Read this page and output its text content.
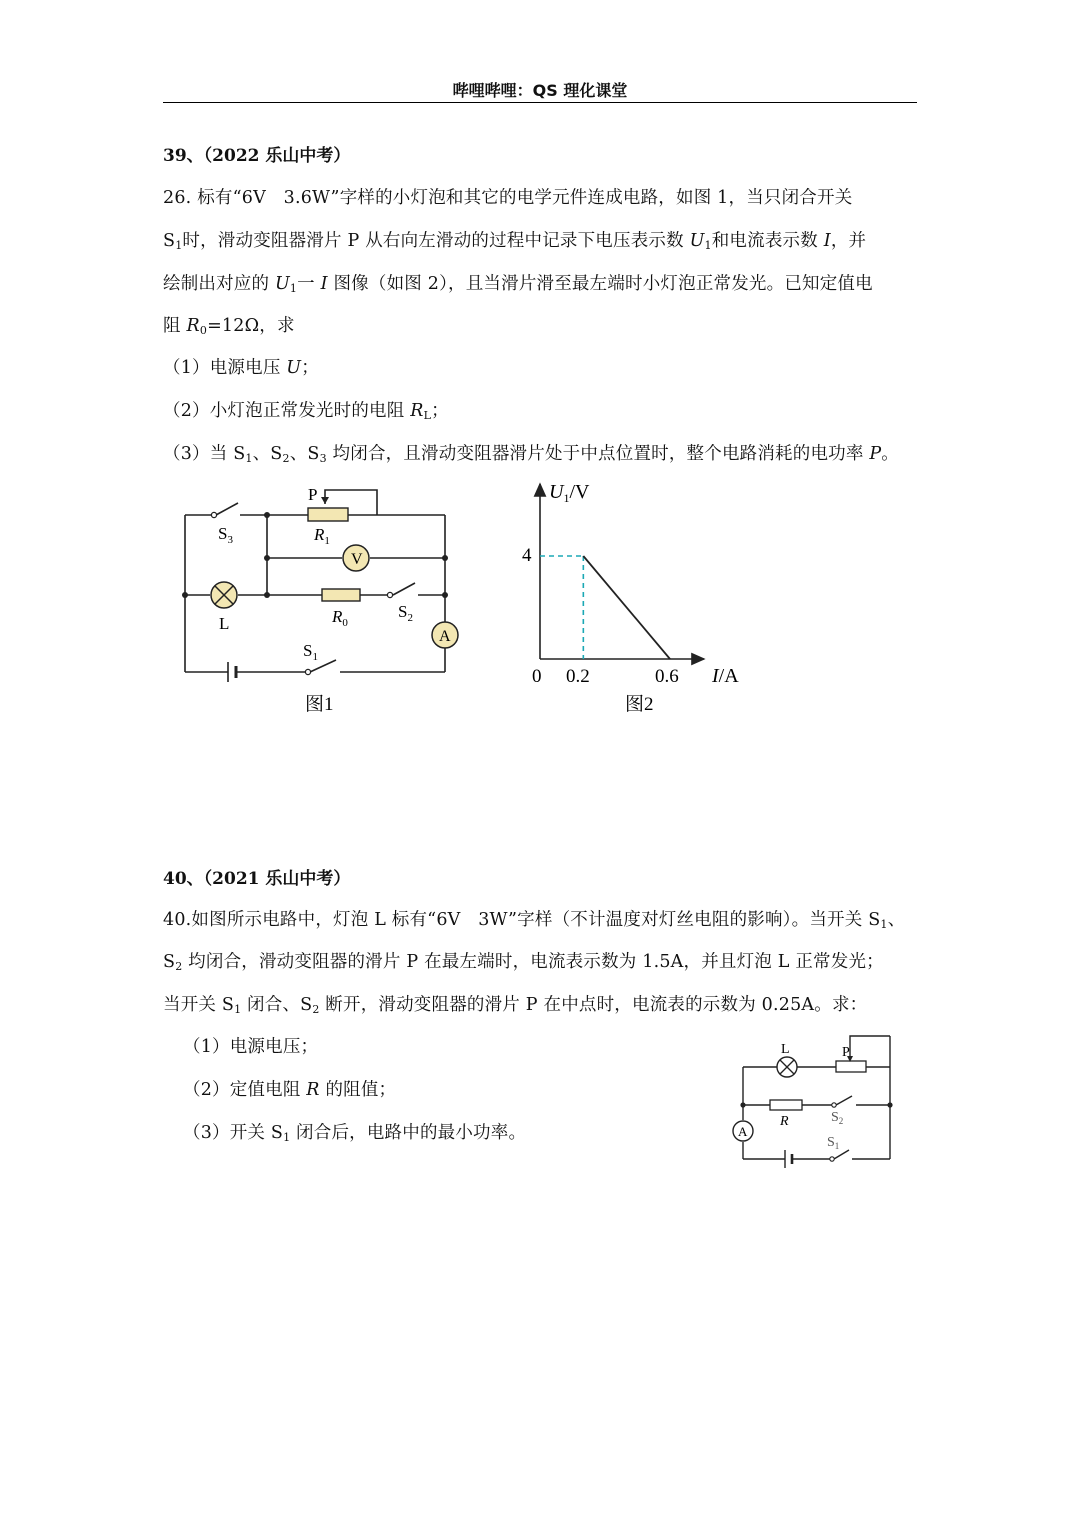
哔哩哔哩：QS 理化课堂
39、（2022 乐山中考）
26. 标有“6V　3.6W”字样的小灯泡和其它的电学元件连成电路，如图 1，当只闭合开关
$S_1$时，滑动变阻器滑片 P 从右向左滑动的过程中记录下电压表示数 $U_1$和电流表示数 I，并
绘制出对应的 $U_1$一 I 图像（如图 2），且当滑片滑至最左端时小灯泡正常发光。已知定值电
阻 $R_0=12\Omega$，求
（1）电源电压 U；
（2）小灯泡正常发光时的电阻 $R_L$；
（3）当 $S_1$、$S_2$、$S_3$ 均闭合，且滑动变阻器滑片处于中点位置时，整个电路消耗的电功率 P。
P
$R_1$
V
L	$R_0$
$S_2$
A
$S_3$
$S_1$
图1
$U_1/V$
I/A
4
0 0.2	0.6
图2
40、（2021 乐山中考）
40.如图所示电路中，灯泡 L 标有“6V　3W”字样（不计温度对灯丝电阻的影响）。当开关 $S_1$、
$S_2$ 均闭合，滑动变阻器的滑片 P 在最左端时，电流表示数为 1.5A，并且灯泡 L 正常发光；
当开关 $S_1$ 闭合、$S_2$ 断开，滑动变阻器的滑片 P 在中点时，电流表的示数为 0.25A。求：
（1）电源电压；
（2）定值电阻 R 的阻值；
（3）开关 $S_1$ 闭合后，电路中的最小功率。
L	P
R	$S_2$
A
$S_1$
